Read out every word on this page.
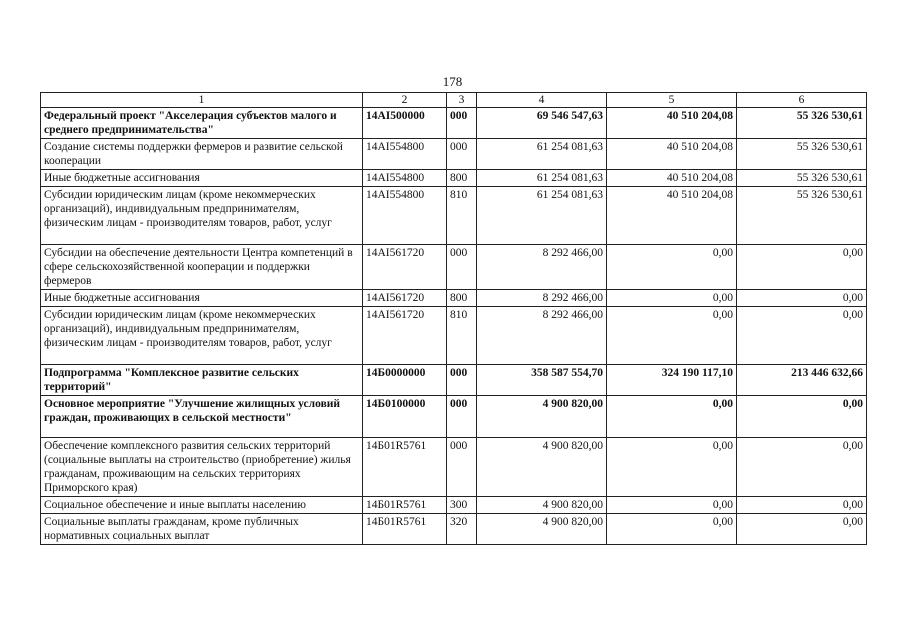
178
1	2	3	4	5	6
Федеральный проект "Акселерация субъектов малого и среднего предпринимательства"	14AI500000	000	69 546 547,63	40 510 204,08	55 326 530,61
Создание системы поддержки фермеров и развитие сельской кооперации	14AI554800	000	61 254 081,63	40 510 204,08	55 326 530,61
Иные бюджетные ассигнования	14AI554800	800	61 254 081,63	40 510 204,08	55 326 530,61
Субсидии юридическим лицам (кроме некоммерческих организаций), индивидуальным предпринимателям, физическим лицам - производителям товаров, работ, услуг	14AI554800	810	61 254 081,63	40 510 204,08	55 326 530,61
Субсидии на обеспечение деятельности Центра компетенций в сфере сельскохозяйственной кооперации и поддержки фермеров	14AI561720	000	8 292 466,00	0,00	0,00
Иные бюджетные ассигнования	14AI561720	800	8 292 466,00	0,00	0,00
Субсидии юридическим лицам (кроме некоммерческих организаций), индивидуальным предпринимателям, физическим лицам - производителям товаров, работ, услуг	14AI561720	810	8 292 466,00	0,00	0,00
Подпрограмма "Комплексное развитие сельских территорий"	14Б0000000	000	358 587 554,70	324 190 117,10	213 446 632,66
Основное мероприятие "Улучшение жилищных условий граждан, проживающих в сельской местности"	14Б0100000	000	4 900 820,00	0,00	0,00
Обеспечение комплексного развития сельских территорий (социальные выплаты на строительство (приобретение) жилья гражданам, проживающим на сельских территориях Приморского края)	14Б01R5761	000	4 900 820,00	0,00	0,00
Социальное обеспечение и иные выплаты населению	14Б01R5761	300	4 900 820,00	0,00	0,00
Социальные выплаты гражданам, кроме публичных нормативных социальных выплат	14Б01R5761	320	4 900 820,00	0,00	0,00
